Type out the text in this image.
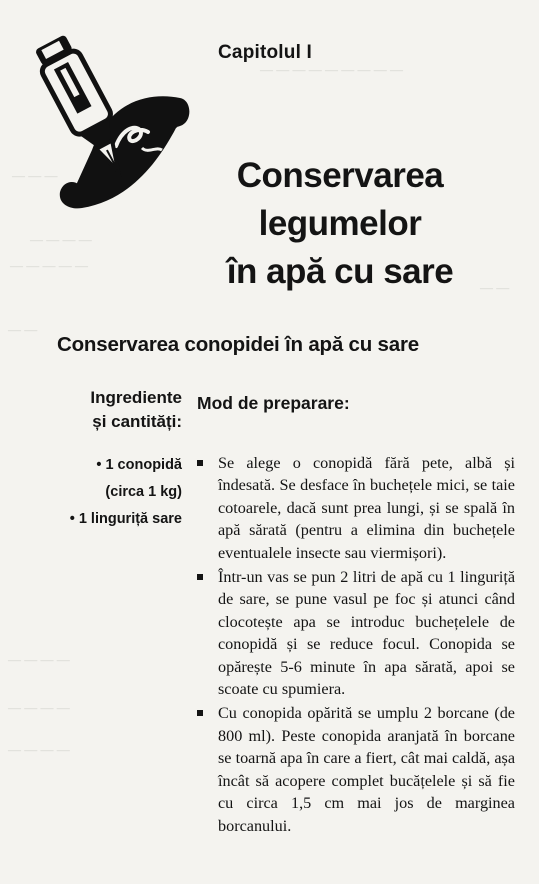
— — — — — — — — —
— — —
— — — —
— — — — —
— —
— —
— — — —
— — — —
— — — —
Capitolul I
Conservarea
legumelor
în apă cu sare
Conservarea conopidei în apă cu sare
Ingrediente
și cantități:
• 1 conopidă
(circa 1 kg)
• 1 linguriță sare
Mod de preparare:
Se alege o conopidă fără pete, albă și îndesată. Se desface în buchețele mici, se taie cotoarele, dacă sunt prea lungi, și se spală în apă sărată (pentru a elimina din buchețele eventualele insecte sau viermișori).
Într-un vas se pun 2 litri de apă cu 1 linguriță de sare, se pune vasul pe foc și atunci când clocotește apa se introduc buchețelele de conopidă și se reduce focul. Conopida se opărește 5-6 minute în apa sărată, apoi se scoate cu spumiera.
Cu conopida opărită se umplu 2 borcane (de 800 ml). Peste conopida aranjată în borcane se toarnă apa în care a fiert, cât mai caldă, așa încât să acopere complet bucățelele și să fie cu circa 1,5 cm mai jos de marginea borcanului.
